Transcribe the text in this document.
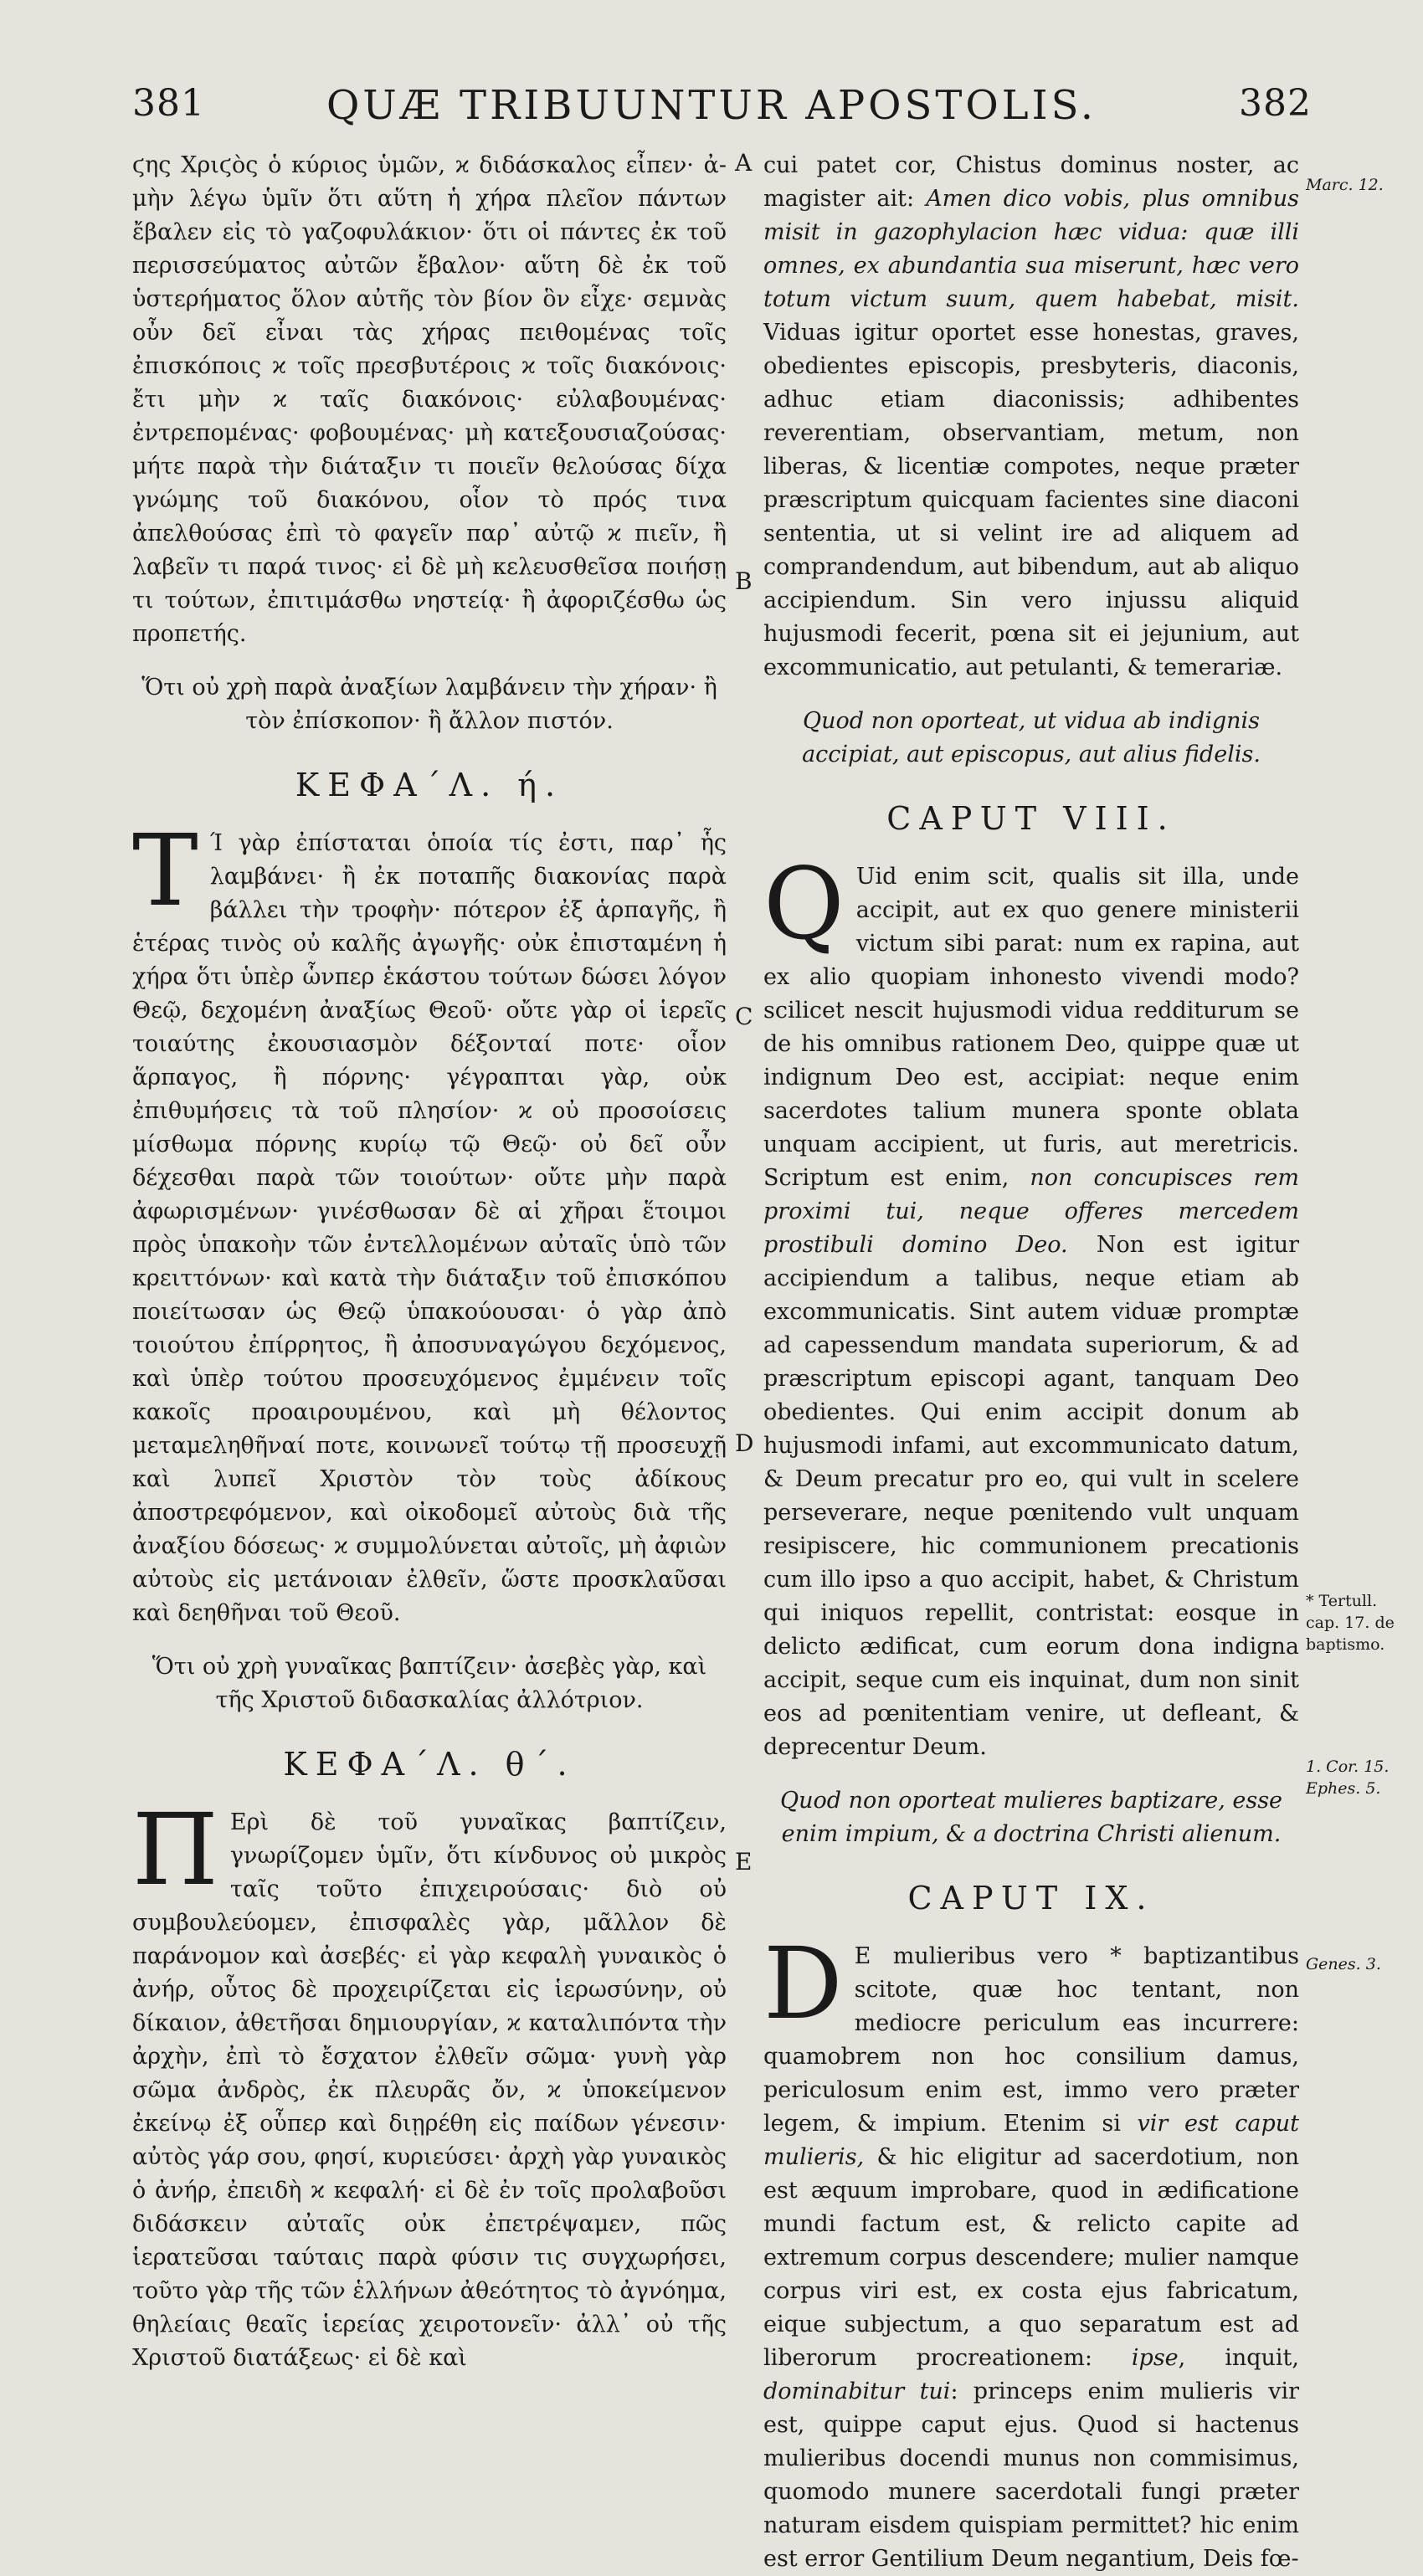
381	QUÆ TRIBUUNTUR APOSTOLIS.	382

ϛης Χριϛὸς ὁ κύριος ὑμῶν, ϰ διδάσκαλος εἶπεν· ἀ- μὴν λέγω ὑμῖν ὅτι αὕτη ἡ χήρα πλεῖον πάντων ἔβαλεν εἰς τὸ γαζοφυλάκιον· ὅτι οἱ πάντες ἐκ τοῦ περισσεύματος αὐτῶν ἔβαλον· αὕτη δὲ ἐκ τοῦ ὑστερήματος ὅλον αὐτῆς τὸν βίον ὃν εἶχε· σεμνὰς οὖν δεῖ εἶναι τὰς χήρας πειθομένας τοῖς ἐπισκόποις ϰ τοῖς πρεσβυτέροις ϰ τοῖς διακόνοις· ἔτι μὴν ϰ ταῖς διακόνοις· εὐλαβουμένας· ἐντρεπομένας· φοβουμένας· μὴ κατεξουσιαζούσας· μήτε παρὰ τὴν διάταξιν τι ποιεῖν θελούσας δίχα γνώμης τοῦ διακόνου, οἷον τὸ πρός τινα ἀπελθούσας ἐπὶ τὸ φαγεῖν παρ᾽ αὐτῷ ϰ πιεῖν, ἢ λαβεῖν τι παρά τινος· εἰ δὲ μὴ κελευσθεῖσα ποιήσῃ τι τούτων, ἐπιτιμάσθω νηστείᾳ· ἢ ἀφοριζέσθω ὡς προπετής.

Ὅτι οὐ χρὴ παρὰ ἀναξίων λαμβάνειν τὴν χήραν· ἢ τὸν ἐπίσκοπον· ἢ ἄλλον πιστόν.

ΚΕΦΑ΄Λ. ή.

T Ί γὰρ ἐπίσταται ὁποία τίς ἐστι, παρ᾽ ἧς λαμβάνει· ἢ ἐκ ποταπῆς διακονίας παρὰ βάλλει τὴν τροφὴν· πότερον ἐξ ἁρπαγῆς, ἢ ἑτέρας τινὸς οὐ καλῆς ἀγωγῆς· οὐκ ἐπισταμένη ἡ χήρα ὅτι ὑπὲρ ὧνπερ ἑκάστου τούτων δώσει λόγον Θεῷ, δεχομένη ἀναξίως Θεοῦ· οὔτε γὰρ οἱ ἱερεῖς τοιαύτης ἐκουσιασμὸν δέξονταί ποτε· οἷον ἅρπαγος, ἢ πόρνης· γέγραπται γὰρ, οὐκ ἐπιθυμήσεις τὰ τοῦ πλησίον· ϰ οὐ προσοίσεις μίσθωμα πόρνης κυρίῳ τῷ Θεῷ· οὐ δεῖ οὖν δέχεσθαι παρὰ τῶν τοιούτων· οὔτε μὴν παρὰ ἀφωρισμένων· γινέσθωσαν δὲ αἱ χῆραι ἕτοιμοι πρὸς ὑπακοὴν τῶν ἐντελλομένων αὐταῖς ὑπὸ τῶν κρειττόνων· καὶ κατὰ τὴν διάταξιν τοῦ ἐπισκόπου ποιείτωσαν ὡς Θεῷ ὑπακούουσαι· ὁ γὰρ ἀπὸ τοιούτου ἐπίρρητος, ἢ ἀποσυναγώγου δεχόμενος, καὶ ὑπὲρ τούτου προσευχόμενος ἐμμένειν τοῖς κακοῖς προαιρουμένου, καὶ μὴ θέλοντος μεταμεληθῆναί ποτε, κοινωνεῖ τούτῳ τῇ προσευχῇ καὶ λυπεῖ Χριστὸν τὸν τοὺς ἀδίκους ἀποστρεφόμενον, καὶ οἰκοδομεῖ αὐτοὺς διὰ τῆς ἀναξίου δόσεως· ϰ συμμολύνεται αὐτοῖς, μὴ ἀφιὼν αὐτοὺς εἰς μετάνοιαν ἐλθεῖν, ὥστε προσκλαῦσαι καὶ δεηθῆναι τοῦ Θεοῦ.

Ὅτι οὐ χρὴ γυναῖκας βαπτίζειν· ἀσεβὲς γὰρ, καὶ τῆς Χριστοῦ διδασκαλίας ἀλλότριον.

ΚΕΦΑ΄Λ. θ΄.

Π Ερὶ δὲ τοῦ γυναῖκας βαπτίζειν, γνωρίζομεν ὑμῖν, ὅτι κίνδυνος οὐ μικρὸς ταῖς τοῦτο ἐπιχειρούσαις· διὸ οὐ συμβουλεύομεν, ἐπισφαλὲς γὰρ, μᾶλλον δὲ παράνομον καὶ ἀσεβές· εἰ γὰρ κεφαλὴ γυναικὸς ὁ ἀνήρ, οὗτος δὲ προχειρίζεται εἰς ἱερωσύνην, οὐ δίκαιον, ἀθετῆσαι δημιουργίαν, ϰ καταλιπόντα τὴν ἀρχὴν, ἐπὶ τὸ ἔσχατον ἐλθεῖν σῶμα· γυνὴ γὰρ σῶμα ἀνδρὸς, ἐκ πλευρᾶς ὄν, ϰ ὑποκείμενον ἐκείνῳ ἐξ οὗπερ καὶ διῃρέθη εἰς παίδων γένεσιν· αὐτὸς γάρ σου, φησί, κυριεύσει· ἀρχὴ γὰρ γυναικὸς ὁ ἀνήρ, ἐπειδὴ ϰ κεφαλή· εἰ δὲ ἐν τοῖς προλαβοῦσι διδάσκειν αὐταῖς οὐκ ἐπετρέψαμεν, πῶς ἱερατεῦσαι ταύταις παρὰ φύσιν τις συγχωρήσει, τοῦτο γὰρ τῆς τῶν ἑλλήνων ἀθεότητος τὸ ἀγνόημα, θηλείαις θεαῖς ἱερείας χειροτονεῖν· ἀλλ᾽ οὐ τῆς Χριστοῦ διατάξεως· εἰ δὲ καὶ

A
B
C
D
E

cui patet cor, Chistus dominus noster, ac magister ait: Amen dico vobis, plus omnibus misit in gazophylacion hæc vidua: quæ illi omnes, ex abundantia sua miserunt, hæc vero totum victum suum, quem habebat, misit. Viduas igitur oportet esse honestas, graves, obedientes episcopis, presbyteris, diaconis, adhuc etiam diaconissis; adhibentes reverentiam, observantiam, metum, non liberas, & licentiæ compotes, neque præter præscriptum quicquam facientes sine diaconi sententia, ut si velint ire ad aliquem ad comprandendum, aut bibendum, aut ab aliquo accipiendum. Sin vero injussu aliquid hujusmodi fecerit, pœna sit ei jejunium, aut excommunicatio, aut petulanti, & temerariæ.

Quod non oporteat, ut vidua ab indignis accipiat, aut episcopus, aut alius fidelis.

CAPUT VIII.

Q Uid enim scit, qualis sit illa, unde accipit, aut ex quo genere ministerii victum sibi parat: num ex rapina, aut ex alio quopiam inhonesto vivendi modo? scilicet nescit hujusmodi vidua redditurum se de his omnibus rationem Deo, quippe quæ ut indignum Deo est, accipiat: neque enim sacerdotes talium munera sponte oblata unquam accipient, ut furis, aut meretricis. Scriptum est enim, non concupisces rem proximi tui, neque offeres mercedem prostibuli domino Deo. Non est igitur accipiendum a talibus, neque etiam ab excommunicatis. Sint autem viduæ promptæ ad capessendum mandata superiorum, & ad præscriptum episcopi agant, tanquam Deo obedientes. Qui enim accipit donum ab hujusmodi infami, aut excommunicato datum, & Deum precatur pro eo, qui vult in scelere perseverare, neque pœnitendo vult unquam resipiscere, hic communionem precationis cum illo ipso a quo accipit, habet, & Christum qui iniquos repellit, contristat: eosque in delicto ædificat, cum eorum dona indigna accipit, seque cum eis inquinat, dum non sinit eos ad pœnitentiam venire, ut defleant, & deprecentur Deum.

Quod non oporteat mulieres baptizare, esse enim impium, & a doctrina Christi alienum.

CAPUT IX.

D E mulieribus vero * baptizantibus scitote, quæ hoc tentant, non mediocre periculum eas incurrere: quamobrem non hoc consilium damus, periculosum enim est, immo vero præter legem, & impium. Etenim si vir est caput mulieris, & hic eligitur ad sacerdotium, non est æquum improbare, quod in ædificatione mundi factum est, & relicto capite ad extremum corpus descendere; mulier namque corpus viri est, ex costa ejus fabricatum, eique subjectum, a quo separatum est ad liberorum procreationem: ipse, inquit, dominabitur tui: princeps enim mulieris vir est, quippe caput ejus. Quod si hactenus mulieribus docendi munus non commisimus, quomodo munere sacerdotali fungi præter naturam eisdem quispiam permittet? hic enim est error Gentilium Deum negantium, Deis fœ-

Marc. 12.
* Tertull. cap. 17. de baptismo.
1. Cor. 15. Ephes. 5.
Genes. 3.
